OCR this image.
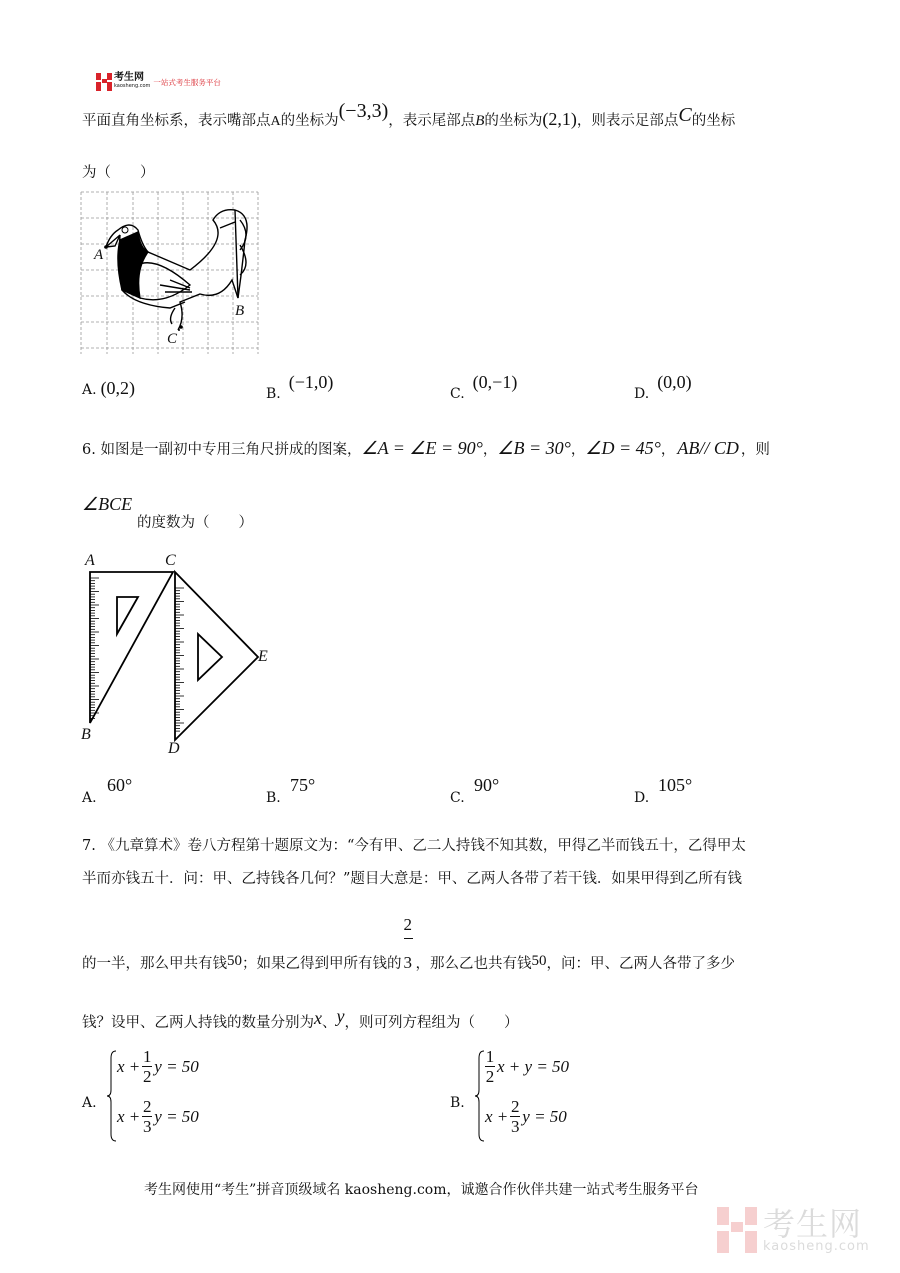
考生网
kaosheng.com 一站式考生服务平台
平面直角坐标系，表示嘴部点 A 的坐标为 (−3,3) ，表示尾部点 B 的坐标为 (2,1) ，则表示足部点 C 的坐标
为（　　）
A
B
C
A. (0,2)	B.
(−1,0)
C.
(0,−1)
D.
(0,0)
6. 如图是一副初中专用三角尺拼成的图案， ∠A = ∠E = 90° ， ∠B = 30° ， ∠D = 45° ， AB// CD ，则
∠BCE
的度数为（　　）
A	C
B
D
E
A.
60°
B.
75°
C.
90°
D.
105°
7. 《九章算术》卷八方程第十题原文为：“今有甲、乙二人持钱不知其数，甲得乙半而钱五十，乙得甲太
半而亦钱五十．问：甲、乙持钱各几何？”题目大意是：甲、乙两人各带了若干钱．如果甲得到乙所有钱
的一半，那么甲共有钱 50 ；如果乙得到甲所有钱的
2
3 ，那么乙也共有钱 50 ，问：甲、乙两人各带了多少
钱？设甲、乙两人持钱的数量分别为 x 、 y ，则可列方程组为（　　）
A.
$x + \frac{1}{2}$ y = 50
$x + \frac{2}{3}$ y = 50
B.
$\frac{1}{2}$ x + y = 50
$x + \frac{2}{3}$ y = 50
考生网使用“考生”拼音顶级域名 kaosheng.com，诚邀合作伙伴共建一站式考生服务平台
考生网
kaosheng.com
